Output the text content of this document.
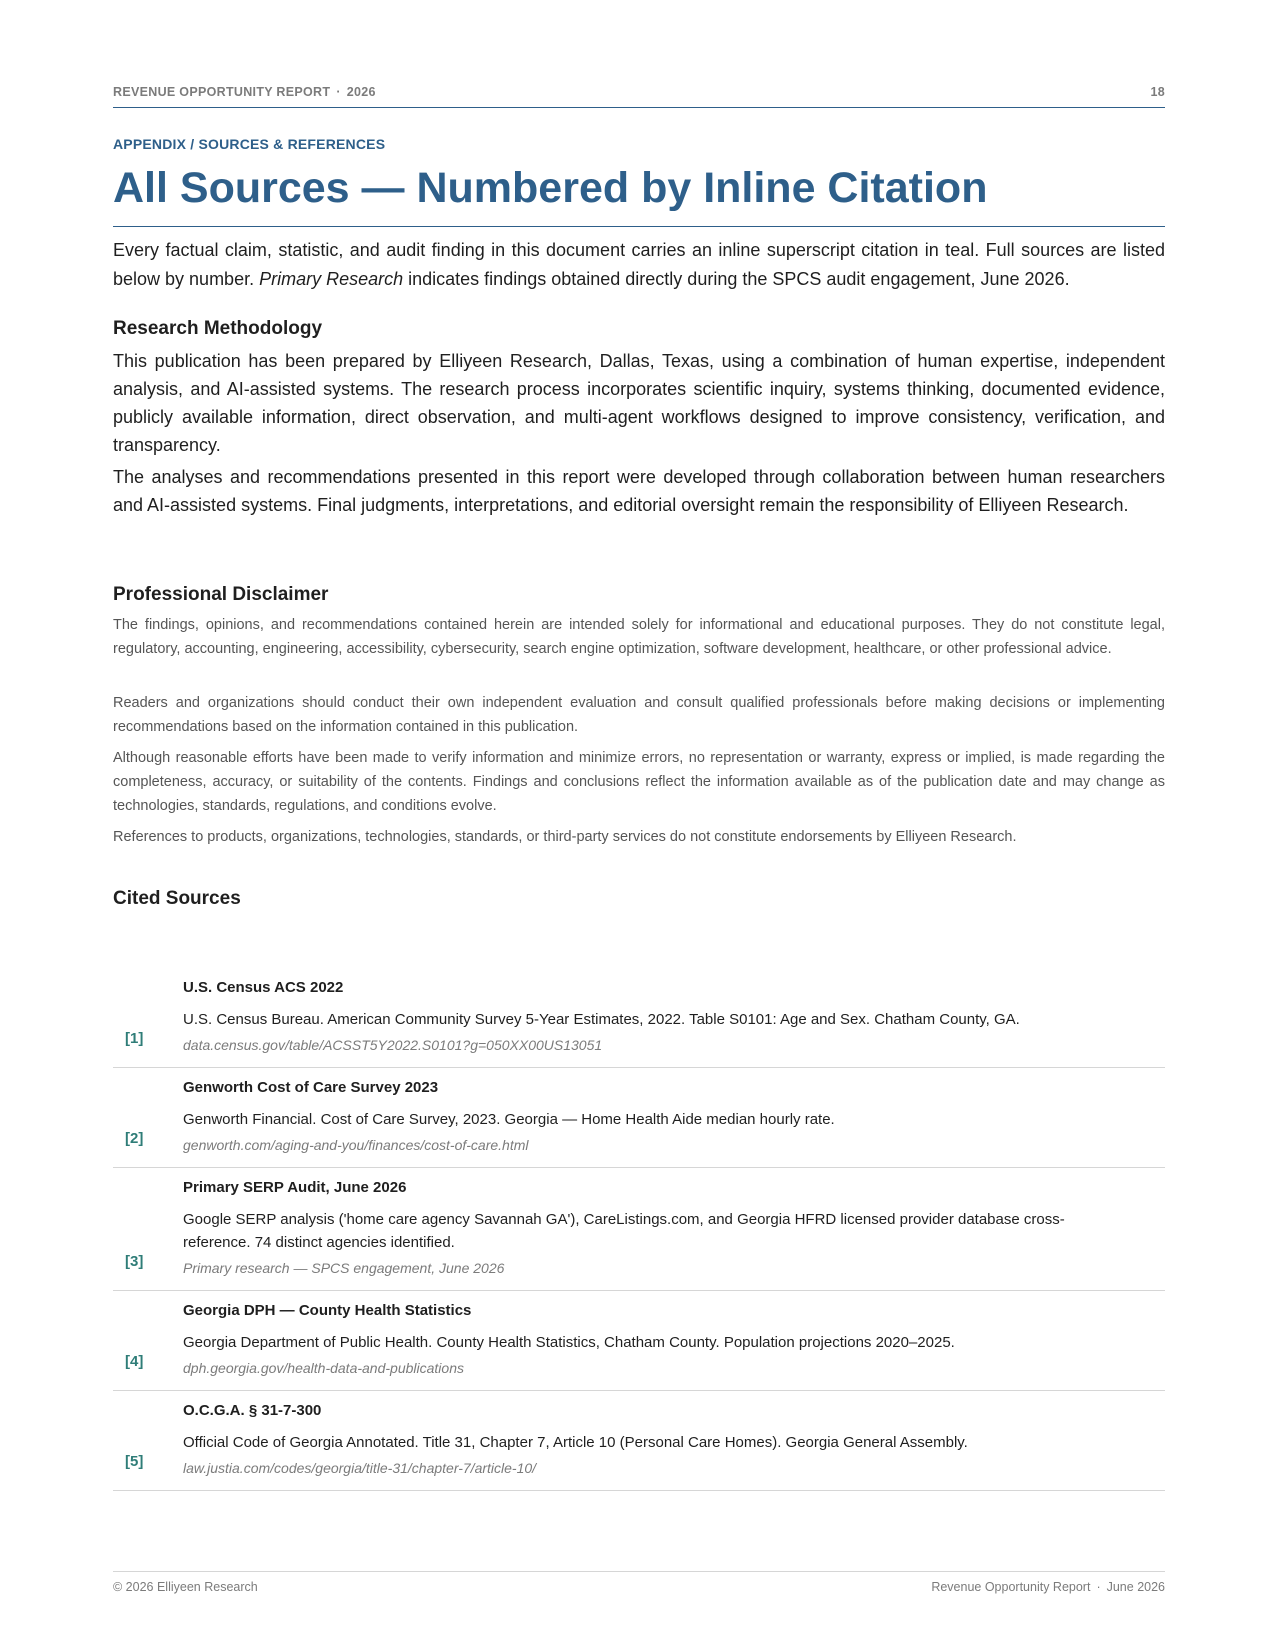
REVENUE OPPORTUNITY REPORT · 2026	18
APPENDIX / SOURCES & REFERENCES
All Sources — Numbered by Inline Citation

Every factual claim, statistic, and audit finding in this document carries an inline superscript citation in teal. Full sources are listed below by number. Primary Research indicates findings obtained directly during the SPCS audit engagement, June 2026.

Research Methodology

This publication has been prepared by Elliyeen Research, Dallas, Texas, using a combination of human expertise, independent analysis, and AI-assisted systems. The research process incorporates scientific inquiry, systems thinking, documented evidence, publicly available information, direct observation, and multi-agent workflows designed to improve consistency, verification, and transparency.

The analyses and recommendations presented in this report were developed through collaboration between human researchers and AI-assisted systems. Final judgments, interpretations, and editorial oversight remain the responsibility of Elliyeen Research.

Professional Disclaimer

The findings, opinions, and recommendations contained herein are intended solely for informational and educational purposes. They do not constitute legal, regulatory, accounting, engineering, accessibility, cybersecurity, search engine optimization, software development, healthcare, or other professional advice.

Readers and organizations should conduct their own independent evaluation and consult qualified professionals before making decisions or implementing recommendations based on the information contained in this publication.

Although reasonable efforts have been made to verify information and minimize errors, no representation or warranty, express or implied, is made regarding the completeness, accuracy, or suitability of the contents. Findings and conclusions reflect the information available as of the publication date and may change as technologies, standards, regulations, and conditions evolve.

References to products, organizations, technologies, standards, or third-party services do not constitute endorsements by Elliyeen Research.

Cited Sources
[1]
U.S. Census ACS 2022
U.S. Census Bureau. American Community Survey 5-Year Estimates, 2022. Table S0101: Age and Sex. Chatham County, GA.
data.census.gov/table/ACSST5Y2022.S0101?g=050XX00US13051
[2]
Genworth Cost of Care Survey 2023
Genworth Financial. Cost of Care Survey, 2023. Georgia — Home Health Aide median hourly rate.
genworth.com/aging-and-you/finances/cost-of-care.html
[3]
Primary SERP Audit, June 2026
Google SERP analysis ('home care agency Savannah GA'), CareListings.com, and Georgia HFRD licensed provider database cross-reference. 74 distinct agencies identified.
Primary research — SPCS engagement, June 2026
[4]
Georgia DPH — County Health Statistics
Georgia Department of Public Health. County Health Statistics, Chatham County. Population projections 2020–2025.
dph.georgia.gov/health-data-and-publications
[5]
O.C.G.A. § 31-7-300
Official Code of Georgia Annotated. Title 31, Chapter 7, Article 10 (Personal Care Homes). Georgia General Assembly.
law.justia.com/codes/georgia/title-31/chapter-7/article-10/
© 2026 Elliyeen Research	Revenue Opportunity Report · June 2026
